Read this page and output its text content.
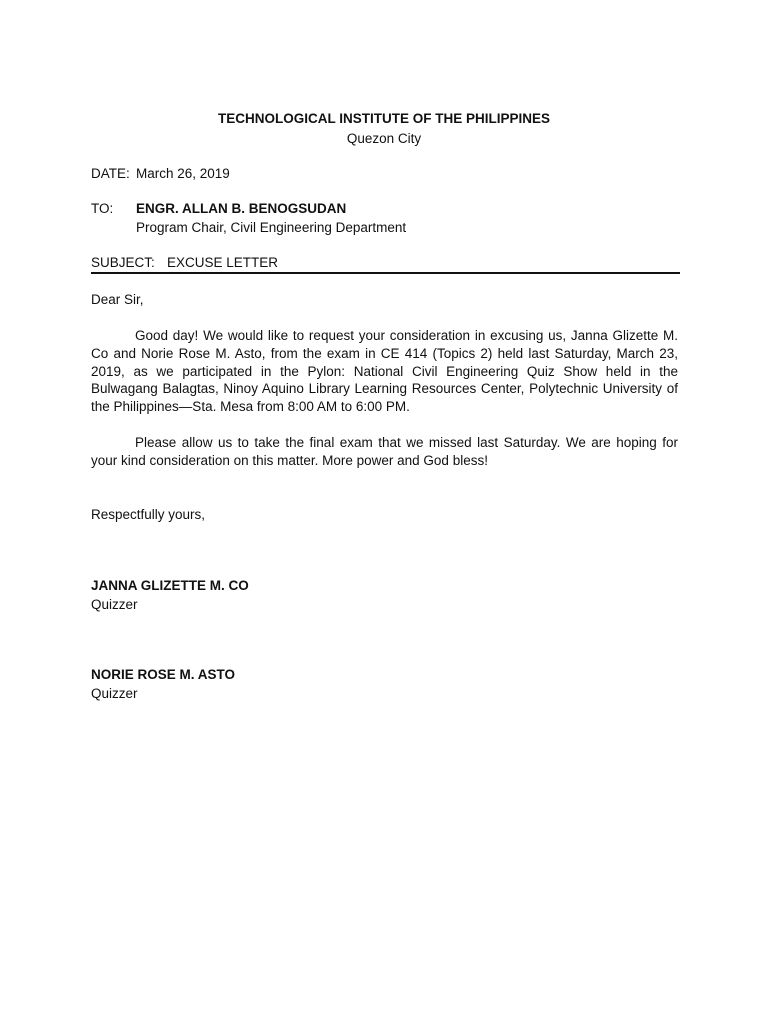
TECHNOLOGICAL INSTITUTE OF THE PHILIPPINES
Quezon City
DATE: March 26, 2019
TO: ENGR. ALLAN B. BENOGSUDAN
Program Chair, Civil Engineering Department
SUBJECT: EXCUSE LETTER
Dear Sir,
Good day! We would like to request your consideration in excusing us, Janna Glizette M. Co and Norie Rose M. Asto, from the exam in CE 414 (Topics 2) held last Saturday, March 23, 2019, as we participated in the Pylon: National Civil Engineering Quiz Show held in the Bulwagang Balagtas, Ninoy Aquino Library Learning Resources Center, Polytechnic University of the Philippines—Sta. Mesa from 8:00 AM to 6:00 PM.
Please allow us to take the final exam that we missed last Saturday. We are hoping for your kind consideration on this matter. More power and God bless!
Respectfully yours,
JANNA GLIZETTE M. CO
Quizzer
NORIE ROSE M. ASTO
Quizzer
